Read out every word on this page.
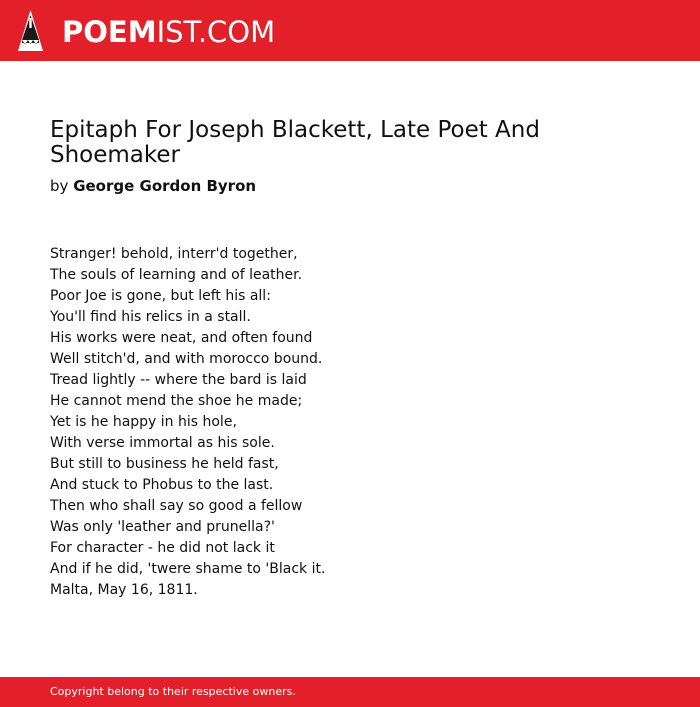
POEMIST.COM
Epitaph For Joseph Blackett, Late Poet And Shoemaker
by George Gordon Byron
Stranger! behold, interr'd together,
The souls of learning and of leather.
Poor Joe is gone, but left his all:
You'll find his relics in a stall.
His works were neat, and often found
Well stitch'd, and with morocco bound.
Tread lightly -- where the bard is laid
He cannot mend the shoe he made;
Yet is he happy in his hole,
With verse immortal as his sole.
But still to business he held fast,
And stuck to Phobus to the last.
Then who shall say so good a fellow
Was only 'leather and prunella?'
For character - he did not lack it
And if he did, 'twere shame to 'Black it.
Malta, May 16, 1811.
Copyright belong to their respective owners.
